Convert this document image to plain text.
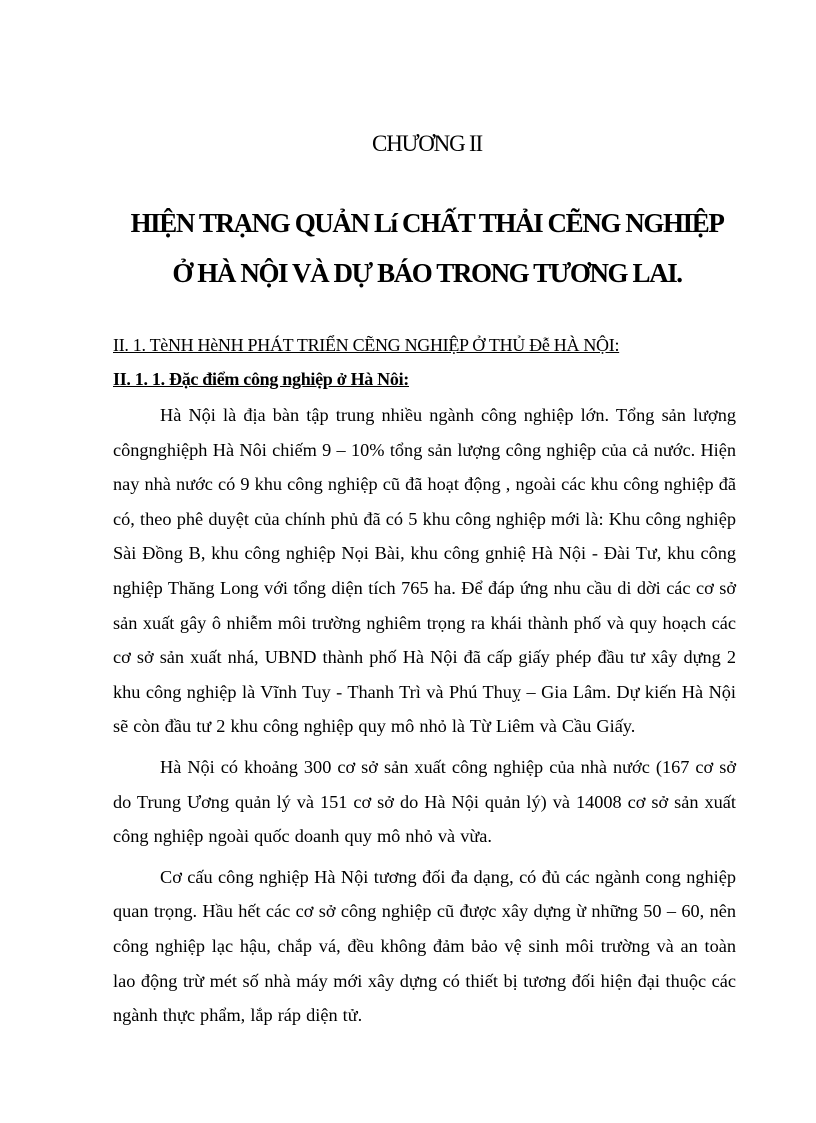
CHƯƠNG II
HIỆN TRẠNG QUẢN Lí CHẤT THẢI CẼNG NGHIỆP
Ở HÀ NỘI VÀ DỰ BÁO TRONG TƯƠNG LAI.
II. 1. TèNH HèNH PHÁT TRIỂN CẼNG NGHIỆP Ở THỦ Đễ HÀ NỘI:
II. 1. 1. Đặc điểm công nghiệp ở Hà Nôi:

Hà Nội là địa bàn tập trung nhiều ngành công nghiệp lớn. Tổng sản lượng côngnghiệph Hà Nôi chiếm 9 – 10% tổng sản lượng công nghiệp của cả nước. Hiện nay nhà nước có 9 khu công nghiệp cũ đã hoạt động , ngoài các khu công nghiệp đã có, theo phê duyệt của chính phủ đã có 5 khu công nghiệp mới là: Khu công nghiệp Sài Đồng B, khu công nghiệp Nọi Bài, khu công gnhiệ Hà Nội - Đài Tư, khu công nghiệp Thăng Long với tổng diện tích 765 ha. Để đáp ứng nhu cầu di dời các cơ sở sản xuất gây ô nhiễm môi trường nghiêm trọng ra khái thành phố và quy hoạch các cơ sở sản xuất nhá, UBND thành phố Hà Nội đã cấp giấy phép đầu tư xây dựng 2 khu công nghiệp là Vĩnh Tuy - Thanh Trì và Phú Thuỵ – Gia Lâm. Dự kiến Hà Nội sẽ còn đầu tư 2 khu công nghiệp quy mô nhỏ là Từ Liêm và Cầu Giấy.

Hà Nội có khoảng 300 cơ sở sản xuất công nghiệp của nhà nước (167 cơ sở do Trung Ương quản lý và 151 cơ sở do Hà Nội quản lý) và 14008 cơ sở sản xuất công nghiệp ngoài quốc doanh quy mô nhỏ và vừa.

Cơ cấu công nghiệp Hà Nội tương đối đa dạng, có đủ các ngành cong nghiệp quan trọng. Hầu hết các cơ sở công nghiệp cũ được xây dựng ừ những 50 – 60, nên công nghiệp lạc hậu, chắp vá, đều không đảm bảo vệ sinh môi trường và an toàn lao động trừ mét số nhà máy mới xây dựng có thiết bị tương đối hiện đại thuộc các ngành thực phẩm, lắp ráp diện tử.
